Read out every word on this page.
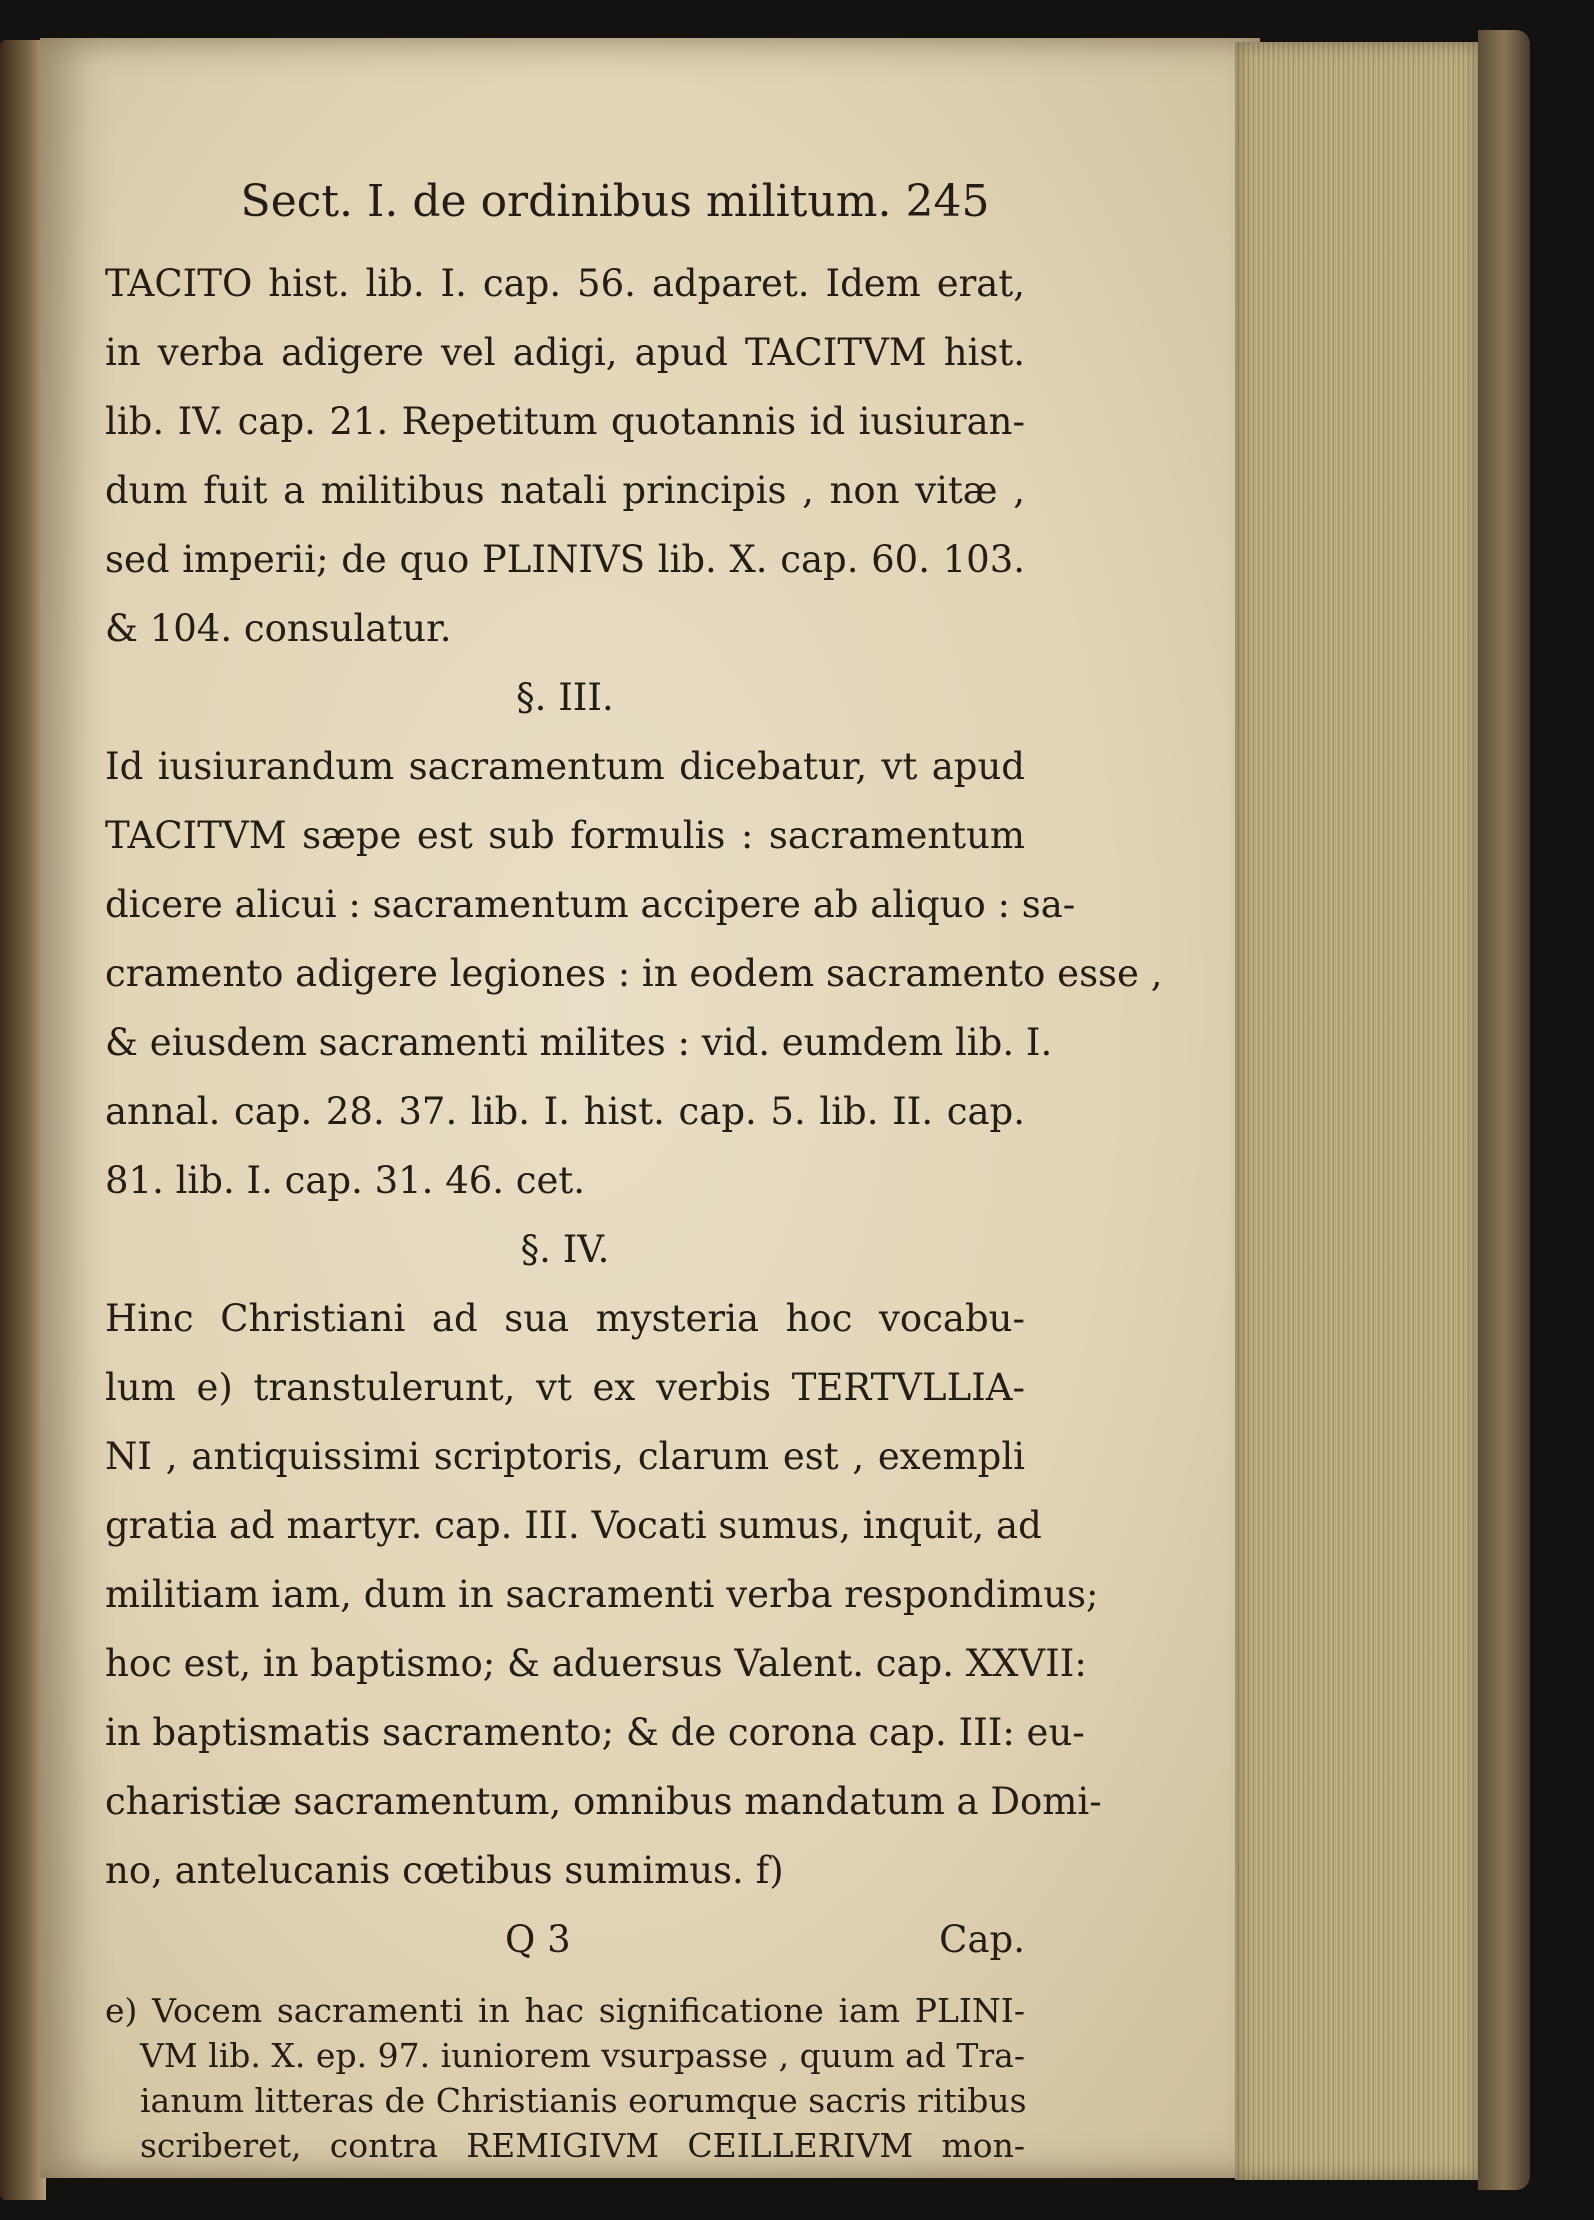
Sect. I. de ordinibus militum. 245
TACITO hist. lib. I. cap. 56. adparet. Idem erat,
in verba adigere vel adigi, apud TACITVM hist.
lib. IV. cap. 21. Repetitum quotannis id iusiuran-
dum fuit a militibus natali principis , non vitæ ,
sed imperii; de quo PLINIVS lib. X. cap. 60. 103.
& 104. consulatur.
§. III.
Id iusiurandum sacramentum dicebatur, vt apud
TACITVM sæpe est sub formulis : sacramentum
dicere alicui : sacramentum accipere ab aliquo : sa-
cramento adigere legiones : in eodem sacramento esse ,
& eiusdem sacramenti milites : vid. eumdem lib. I.
annal. cap. 28. 37. lib. I. hist. cap. 5. lib. II. cap.
81. lib. I. cap. 31. 46. cet.
§. IV.
Hinc Christiani ad sua mysteria hoc vocabu-
lum e) transtulerunt, vt ex verbis TERTVLLIA-
NI , antiquissimi scriptoris, clarum est , exempli
gratia ad martyr. cap. III. Vocati sumus, inquit, ad
militiam iam, dum in sacramenti verba respondimus;
hoc est, in baptismo; & aduersus Valent. cap. XXVII:
in baptismatis sacramento; & de corona cap. III: eu-
charistiæ sacramentum, omnibus mandatum a Domi-
no, antelucanis cœtibus sumimus. f)
Q 3	Cap.
e) Vocem sacramenti in hac significatione iam PLINI-
VM lib. X. ep. 97. iuniorem vsurpasse , quum ad Tra-
ianum litteras de Christianis eorumque sacris ritibus
scriberet, contra REMIGIVM CEILLERIVM mon-
